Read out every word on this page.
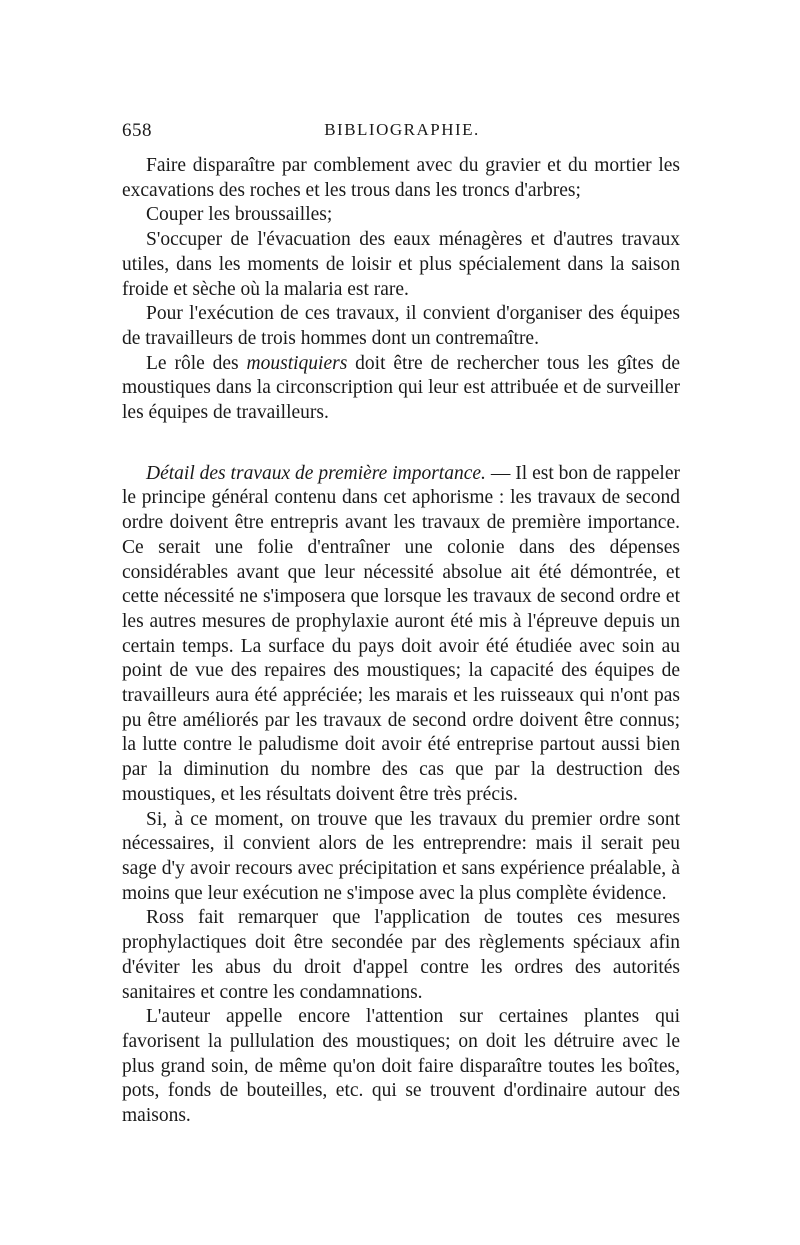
658	BIBLIOGRAPHIE.

Faire disparaître par comblement avec du gravier et du mortier les excavations des roches et les trous dans les troncs d'arbres;

Couper les broussailles;

S'occuper de l'évacuation des eaux ménagères et d'autres travaux utiles, dans les moments de loisir et plus spécialement dans la saison froide et sèche où la malaria est rare.

Pour l'exécution de ces travaux, il convient d'organiser des équipes de travailleurs de trois hommes dont un contremaître.

Le rôle des moustiquiers doit être de rechercher tous les gîtes de moustiques dans la circonscription qui leur est attribuée et de surveiller les équipes de travailleurs.

Détail des travaux de première importance. — Il est bon de rappeler le principe général contenu dans cet aphorisme : les travaux de second ordre doivent être entrepris avant les travaux de première importance. Ce serait une folie d'entraîner une colonie dans des dépenses considérables avant que leur nécessité absolue ait été démontrée, et cette nécessité ne s'imposera que lorsque les travaux de second ordre et les autres mesures de prophylaxie auront été mis à l'épreuve depuis un certain temps. La surface du pays doit avoir été étudiée avec soin au point de vue des repaires des moustiques; la capacité des équipes de travailleurs aura été appréciée; les marais et les ruisseaux qui n'ont pas pu être améliorés par les travaux de second ordre doivent être connus; la lutte contre le paludisme doit avoir été entreprise partout aussi bien par la diminution du nombre des cas que par la destruction des moustiques, et les résultats doivent être très précis.

Si, à ce moment, on trouve que les travaux du premier ordre sont nécessaires, il convient alors de les entreprendre: mais il serait peu sage d'y avoir recours avec précipitation et sans expérience préalable, à moins que leur exécution ne s'impose avec la plus complète évidence.

Ross fait remarquer que l'application de toutes ces mesures prophylactiques doit être secondée par des règlements spéciaux afin d'éviter les abus du droit d'appel contre les ordres des autorités sanitaires et contre les condamnations.

L'auteur appelle encore l'attention sur certaines plantes qui favorisent la pullulation des moustiques; on doit les détruire avec le plus grand soin, de même qu'on doit faire disparaître toutes les boîtes, pots, fonds de bouteilles, etc. qui se trouvent d'ordinaire autour des maisons.
